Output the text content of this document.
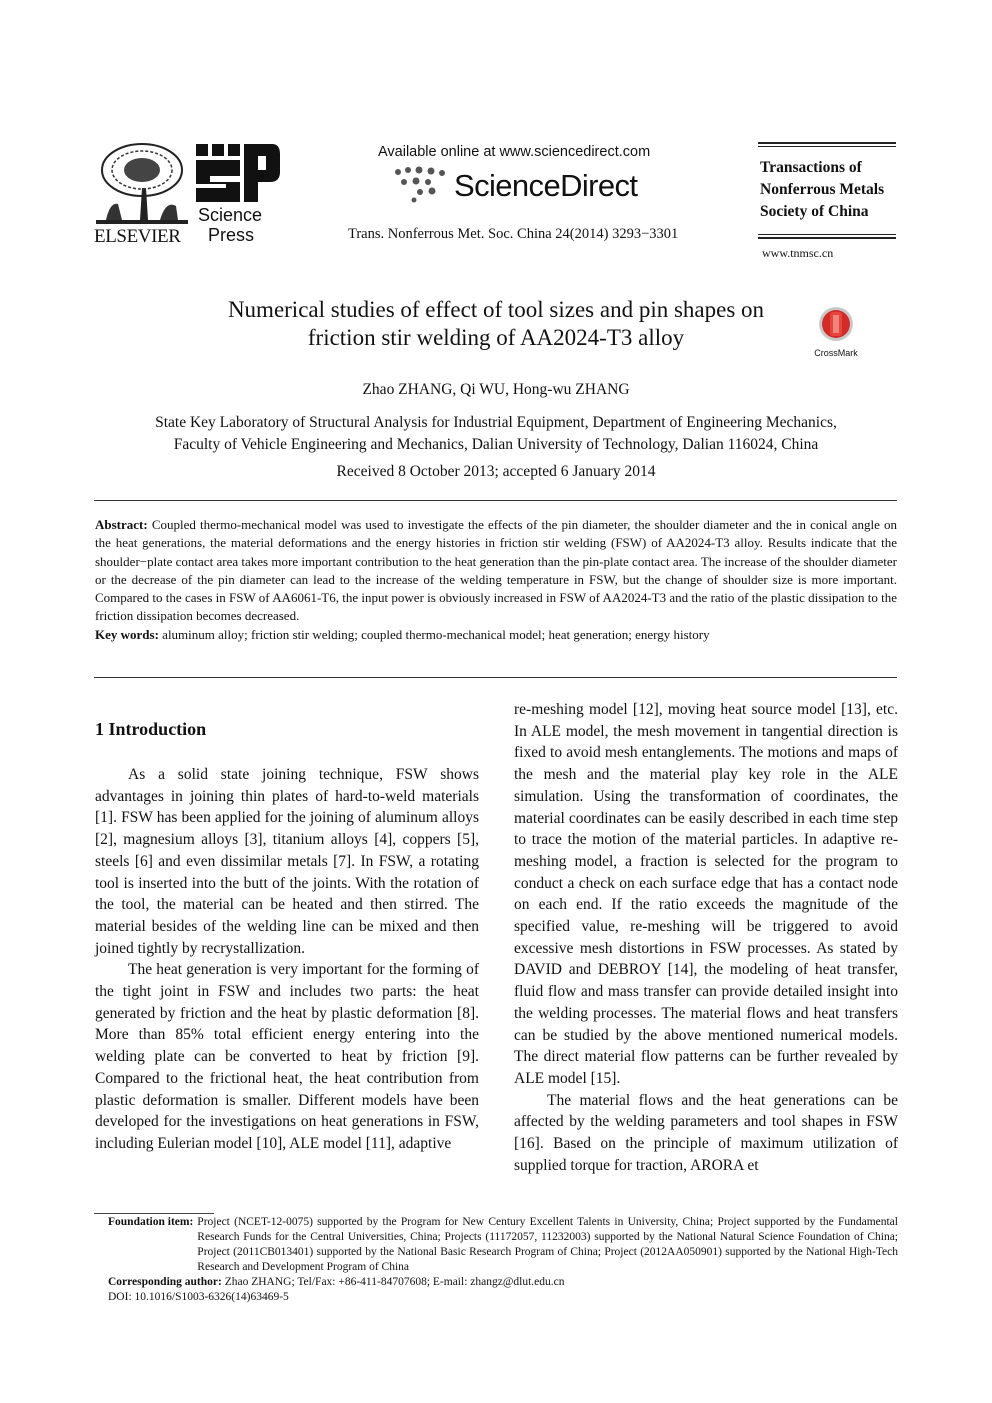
ELSEVIER
Science
Press
Available online at www.sciencedirect.com
ScienceDirect
Trans. Nonferrous Met. Soc. China 24(2014) 3293−3301
Transactions of
Nonferrous Metals
Society of China
www.tnmsc.cn
Numerical studies of effect of tool sizes and pin shapes on
friction stir welding of AA2024-T3 alloy
CrossMark
Zhao ZHANG, Qi WU, Hong-wu ZHANG
State Key Laboratory of Structural Analysis for Industrial Equipment, Department of Engineering Mechanics,
Faculty of Vehicle Engineering and Mechanics, Dalian University of Technology, Dalian 116024, China
Received 8 October 2013; accepted 6 January 2014
Abstract: Coupled thermo-mechanical model was used to investigate the effects of the pin diameter, the shoulder diameter and the in conical angle on the heat generations, the material deformations and the energy histories in friction stir welding (FSW) of AA2024-T3 alloy. Results indicate that the shoulder−plate contact area takes more important contribution to the heat generation than the pin-plate contact area. The increase of the shoulder diameter or the decrease of the pin diameter can lead to the increase of the welding temperature in FSW, but the change of shoulder size is more important. Compared to the cases in FSW of AA6061-T6, the input power is obviously increased in FSW of AA2024-T3 and the ratio of the plastic dissipation to the friction dissipation becomes decreased.
Key words: aluminum alloy; friction stir welding; coupled thermo-mechanical model; heat generation; energy history
1 Introduction

As a solid state joining technique, FSW shows advantages in joining thin plates of hard-to-weld materials [1]. FSW has been applied for the joining of aluminum alloys [2], magnesium alloys [3], titanium alloys [4], coppers [5], steels [6] and even dissimilar metals [7]. In FSW, a rotating tool is inserted into the butt of the joints. With the rotation of the tool, the material can be heated and then stirred. The material besides of the welding line can be mixed and then joined tightly by recrystallization.

The heat generation is very important for the forming of the tight joint in FSW and includes two parts: the heat generated by friction and the heat by plastic deformation [8]. More than 85% total efficient energy entering into the welding plate can be converted to heat by friction [9]. Compared to the frictional heat, the heat contribution from plastic deformation is smaller. Different models have been developed for the investigations on heat generations in FSW, including Eulerian model [10], ALE model [11], adaptive

re-meshing model [12], moving heat source model [13], etc. In ALE model, the mesh movement in tangential direction is fixed to avoid mesh entanglements. The motions and maps of the mesh and the material play key role in the ALE simulation. Using the transformation of coordinates, the material coordinates can be easily described in each time step to trace the motion of the material particles. In adaptive re-meshing model, a fraction is selected for the program to conduct a check on each surface edge that has a contact node on each end. If the ratio exceeds the magnitude of the specified value, re-meshing will be triggered to avoid excessive mesh distortions in FSW processes. As stated by DAVID and DEBROY [14], the modeling of heat transfer, fluid flow and mass transfer can provide detailed insight into the welding processes. The material flows and heat transfers can be studied by the above mentioned numerical models. The direct material flow patterns can be further revealed by ALE model [15].

The material flows and the heat generations can be affected by the welding parameters and tool shapes in FSW [16]. Based on the principle of maximum utilization of supplied torque for traction, ARORA et

Foundation item: Project (NCET-12-0075) supported by the Program for New Century Excellent Talents in University, China; Project supported by the Fundamental Research Funds for the Central Universities, China; Projects (11172057, 11232003) supported by the National Natural Science Foundation of China; Project (2011CB013401) supported by the National Basic Research Program of China; Project (2012AA050901) supported by the National High-Tech Research and Development Program of China
Corresponding author: Zhao ZHANG; Tel/Fax: +86-411-84707608; E-mail: zhangz@dlut.edu.cn
DOI: 10.1016/S1003-6326(14)63469-5
